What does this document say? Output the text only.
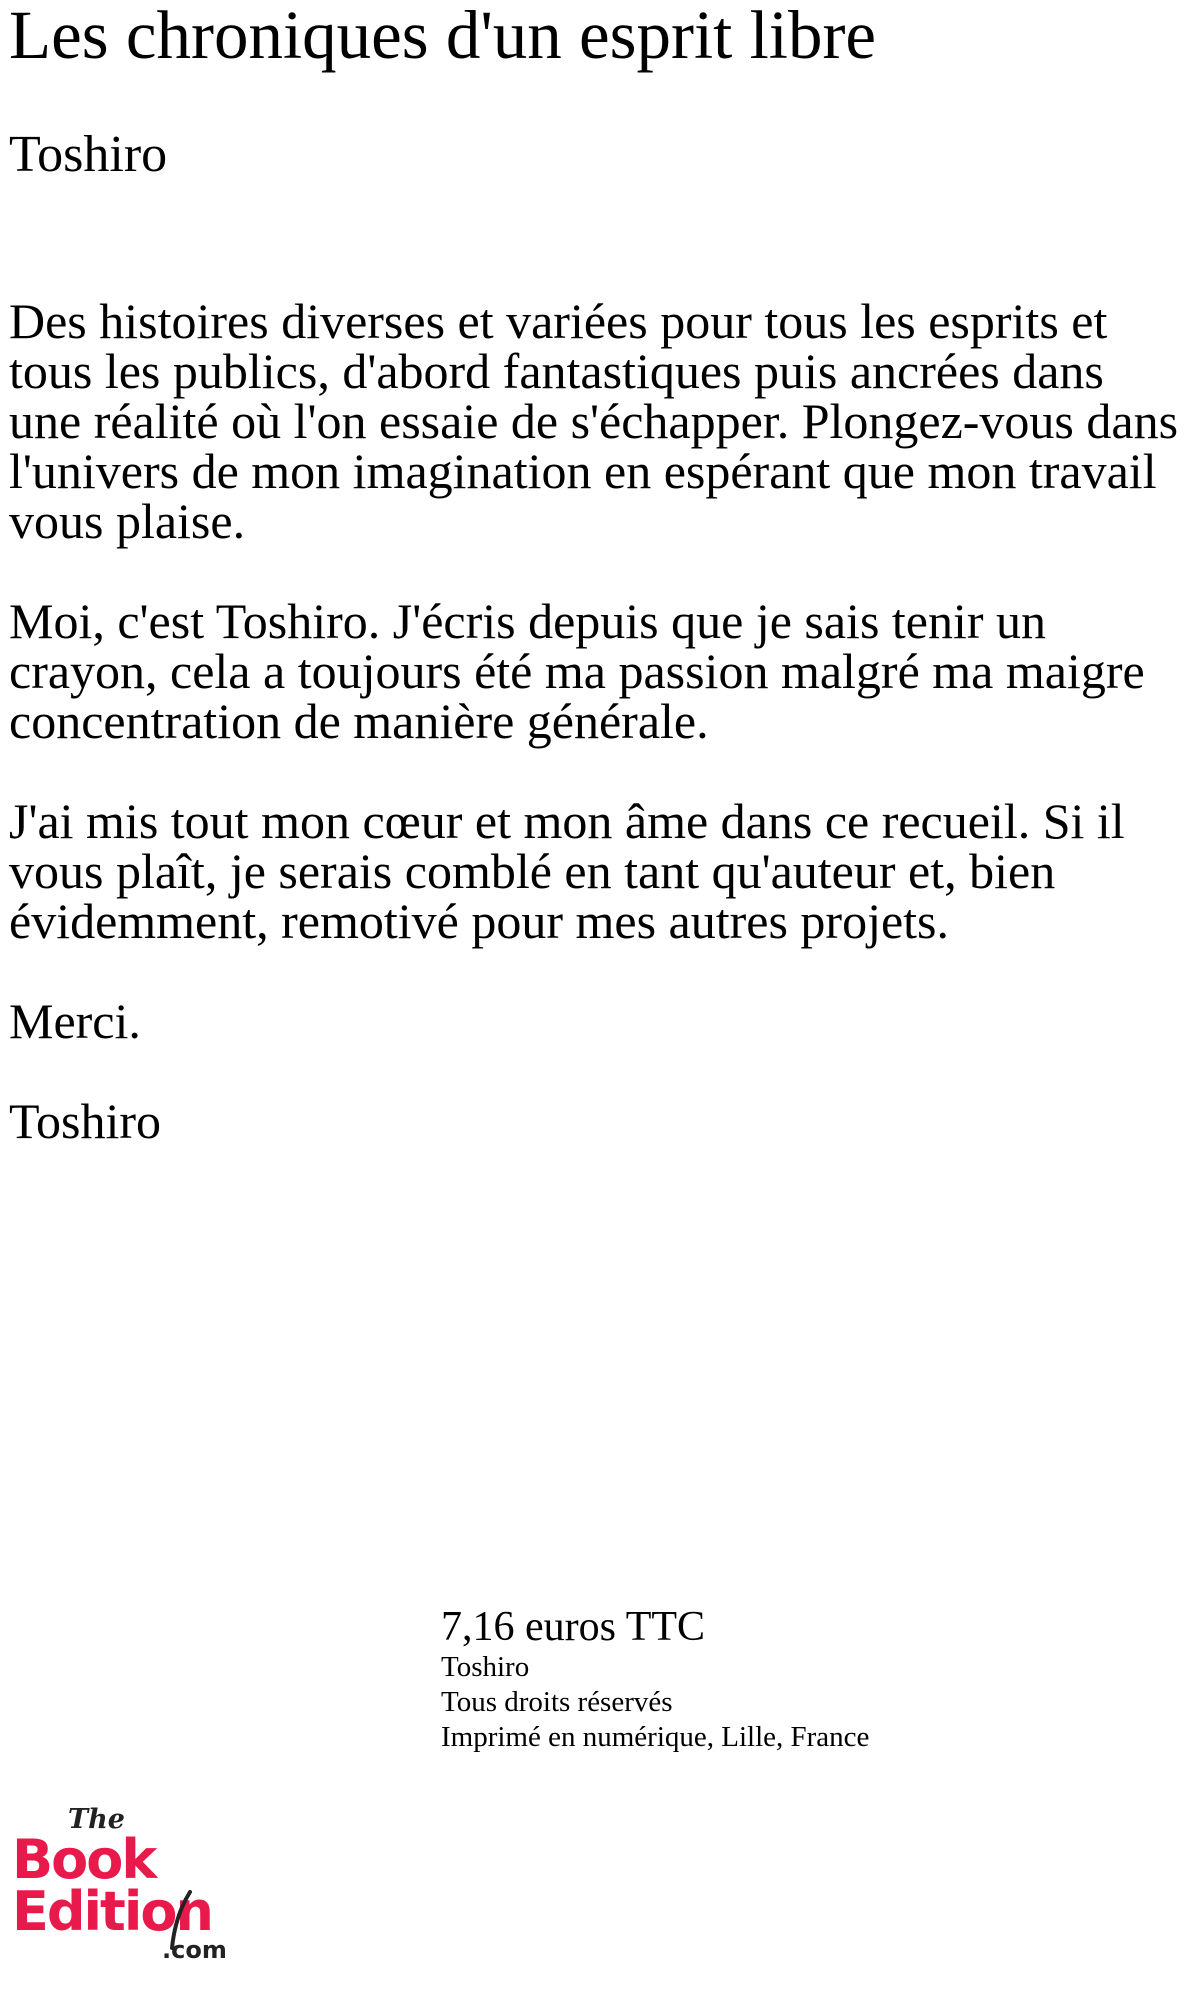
Les chroniques d'un esprit libre
Toshiro

Des histoires diverses et variées pour tous les esprits et tous les publics, d'abord fantastiques puis ancrées dans une réalité où l'on essaie de s'échapper. Plongez-vous dans l'univers de mon imagination en espérant que mon travail vous plaise.

Moi, c'est Toshiro. J'écris depuis que je sais tenir un crayon, cela a toujours été ma passion malgré ma maigre concentration de manière générale.

J'ai mis tout mon cœur et mon âme dans ce recueil. Si il vous plaît, je serais comblé en tant qu'auteur et, bien évidemment, remotivé pour mes autres projets.

Merci.

Toshiro

7,16 euros TTC
Toshiro
Tous droits réservés
Imprimé en numérique, Lille, France
The
Book
Edition
.com
